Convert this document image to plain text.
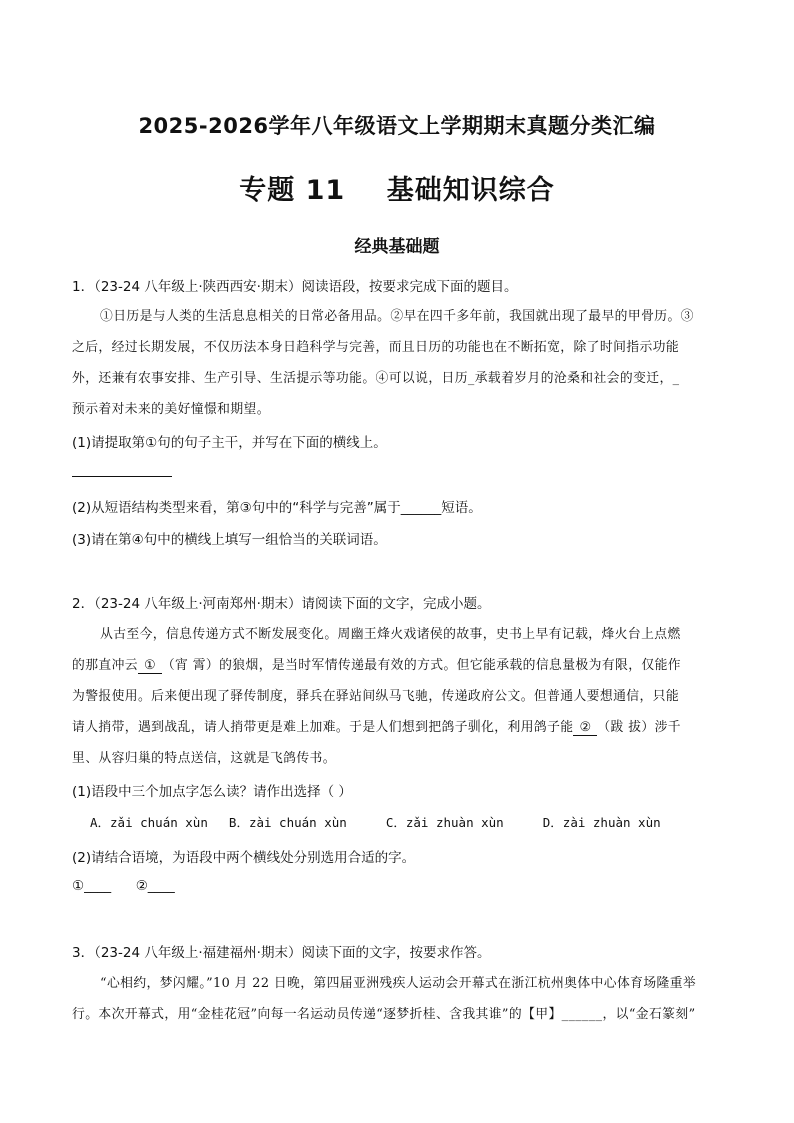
2025-2026学年八年级语文上学期期末真题分类汇编
专题 11    基础知识综合
经典基础题
1．（23-24 八年级上·陕西西安·期末）阅读语段，按要求完成下面的题目。
①日历是与人类的生活息息相关的日常必备用品。②早在四千多年前，我国就出现了最早的甲骨历。③
之后，经过长期发展，不仅历法本身日趋科学与完善，而且日历的功能也在不断拓宽，除了时间指示功能
外，还兼有农事安排、生产引导、生活提示等功能。④可以说，日历_承载着岁月的沧桑和社会的变迁，_
预示着对未来的美好憧憬和期望。
(1)请提取第①句的句子主干，并写在下面的横线上。
(2)从短语结构类型来看，第③句中的“科学与完善”属于______短语。
(3)请在第④句中的横线上填写一组恰当的关联词语。
2．（23-24 八年级上·河南郑州·期末）请阅读下面的文字，完成小题。
从古至今，信息传递方式不断发展变化。周幽王烽火戏诸侯的故事，史书上早有记载，烽火台上点燃
的那直冲云 ① （宵 霄）的狼烟，是当时军情传递最有效的方式。但它能承载的信息量极为有限，仅能作
为警报使用。后来便出现了驿传制度，驿兵在驿站间纵马飞驰，传递政府公文。但普通人要想通信，只能
请人捎带，遇到战乱，请人捎带更是难上加难。于是人们想到把鸽子驯化，利用鸽子能 ② （跋 拔）涉千
里、从容归巢的特点送信，这就是飞鸽传书。
(1)语段中三个加点字怎么读？请作出选择（ ）
A．zǎi chuán xùn B．zài chuán xùn	C．zǎi zhuàn xùn	D．zài zhuàn xùn
(2)请结合语境，为语段中两个横线处分别选用合适的字。
①____ ②____
3．（23-24 八年级上·福建福州·期末）阅读下面的文字，按要求作答。
“心相约，梦闪耀。”10 月 22 日晚，第四届亚洲残疾人运动会开幕式在浙江杭州奥体中心体育场隆重举
行。本次开幕式，用“金桂花冠”向每一名运动员传递“逐梦折桂、含我其谁”的【甲】______，以“金石篆刻”
